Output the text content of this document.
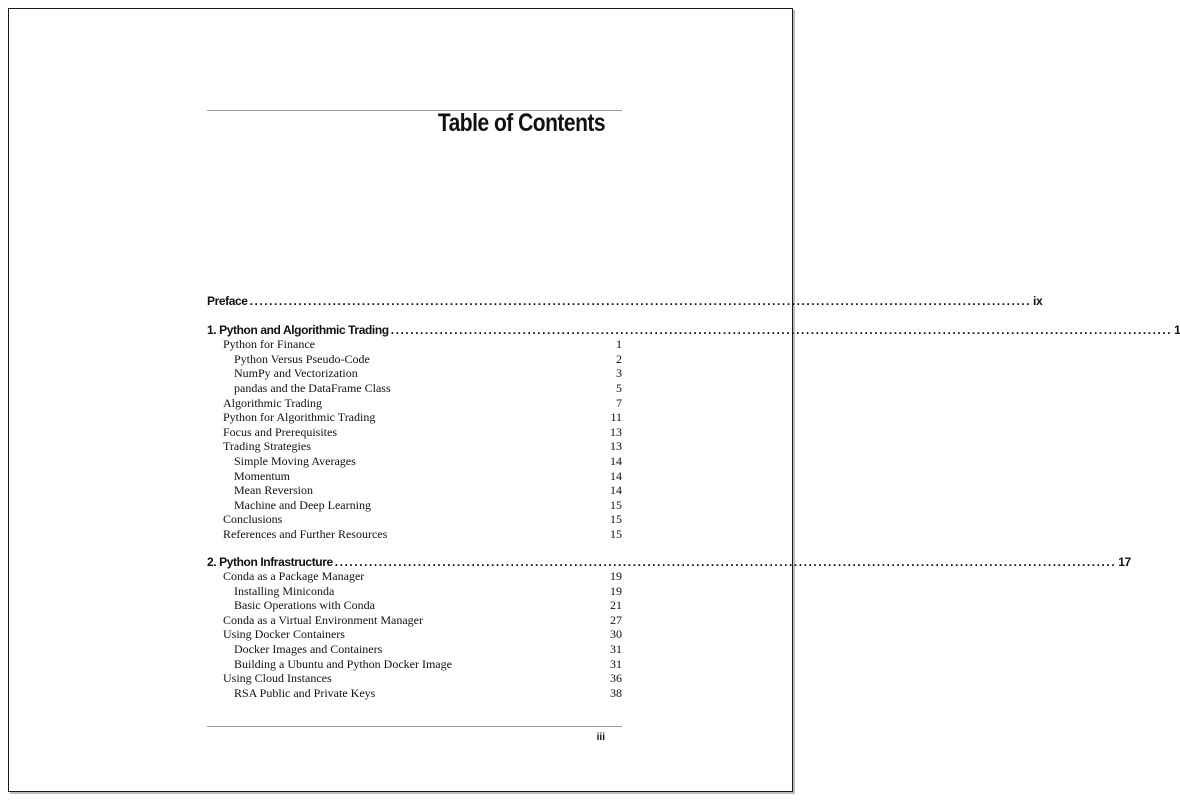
Table of Contents
Preface ................................................................................................................................................................ ix
1. Python and Algorithmic Trading ................................................................................................................................................................ 1
Python for Finance	1
Python Versus Pseudo-Code	2
NumPy and Vectorization	3
pandas and the DataFrame Class	5
Algorithmic Trading	7
Python for Algorithmic Trading	11
Focus and Prerequisites	13
Trading Strategies	13
Simple Moving Averages	14
Momentum	14
Mean Reversion	14
Machine and Deep Learning	15
Conclusions	15
References and Further Resources	15
2. Python Infrastructure ................................................................................................................................................................ 17
Conda as a Package Manager	19
Installing Miniconda	19
Basic Operations with Conda	21
Conda as a Virtual Environment Manager	27
Using Docker Containers	30
Docker Images and Containers	31
Building a Ubuntu and Python Docker Image	31
Using Cloud Instances	36
RSA Public and Private Keys	38
iii
